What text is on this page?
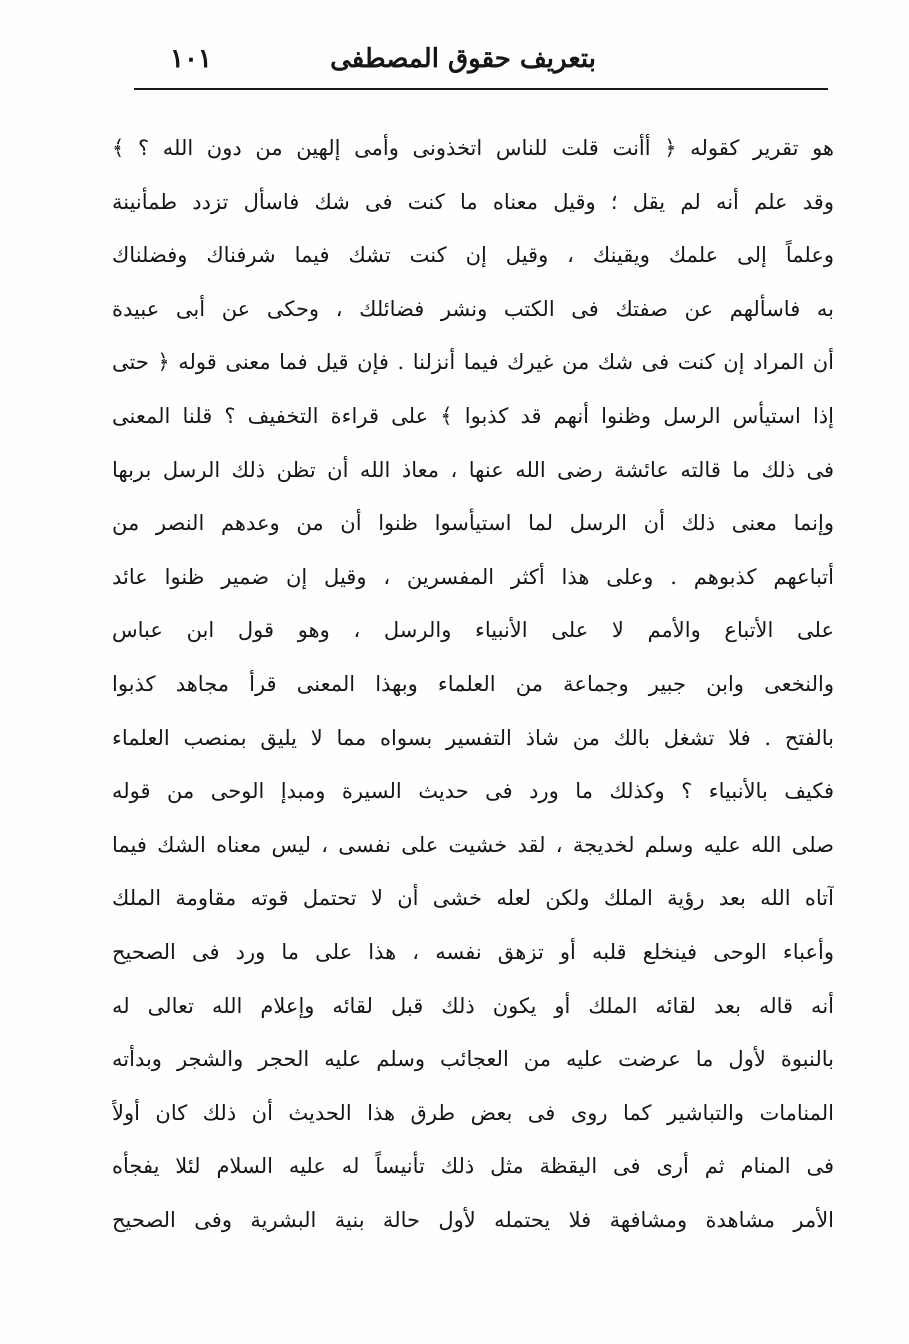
بتعريف حقوق المصطفى
١٠١
هو تقرير كقوله ﴿ أأنت قلت للناس اتخذونى وأمى إلهين من دون الله ؟ ﴾
وقد علم أنه لم يقل ؛ وقيل معناه ما كنت فى شك فاسأل تزدد طمأنينة
وعلماً إلى علمك ويقينك ، وقيل إن كنت تشك فيما شرفناك وفضلناك
به فاسألهم عن صفتك فى الكتب ونشر فضائلك ، وحكى عن أبى عبيدة
أن المراد إن كنت فى شك من غيرك فيما أنزلنا . فإن قيل فما معنى قوله ﴿ حتى
إذا استيأس الرسل وظنوا أنهم قد كذبوا ﴾ على قراءة التخفيف ؟ قلنا المعنى
فى ذلك ما قالته عائشة رضى الله عنها ، معاذ الله أن تظن ذلك الرسل بربها
وإنما معنى ذلك أن الرسل لما استيأسوا ظنوا أن من وعدهم النصر من
أتباعهم كذبوهم . وعلى هذا أكثر المفسرين ، وقيل إن ضمير ظنوا عائد
على الأتباع والأمم لا على الأنبياء والرسل ، وهو قول ابن عباس
والنخعى وابن جبير وجماعة من العلماء وبهذا المعنى قرأ مجاهد كذبوا
بالفتح . فلا تشغل بالك من شاذ التفسير بسواه مما لا يليق بمنصب العلماء
فكيف بالأنبياء ؟ وكذلك ما ورد فى حديث السيرة ومبدإ الوحى من قوله
صلى الله عليه وسلم لخديجة ، لقد خشيت على نفسى ، ليس معناه الشك فيما
آتاه الله بعد رؤية الملك ولكن لعله خشى أن لا تحتمل قوته مقاومة الملك
وأعباء الوحى فينخلع قلبه أو تزهق نفسه ، هذا على ما ورد فى الصحيح
أنه قاله بعد لقائه الملك أو يكون ذلك قبل لقائه وإعلام الله تعالى له
بالنبوة لأول ما عرضت عليه من العجائب وسلم عليه الحجر والشجر وبدأته
المنامات والتباشير كما روى فى بعض طرق هذا الحديث أن ذلك كان أولاً
فى المنام ثم أرى فى اليقظة مثل ذلك تأنيساً له عليه السلام لئلا يفجأه
الأمر مشاهدة ومشافهة فلا يحتمله لأول حالة بنية البشرية وفى الصحيح
